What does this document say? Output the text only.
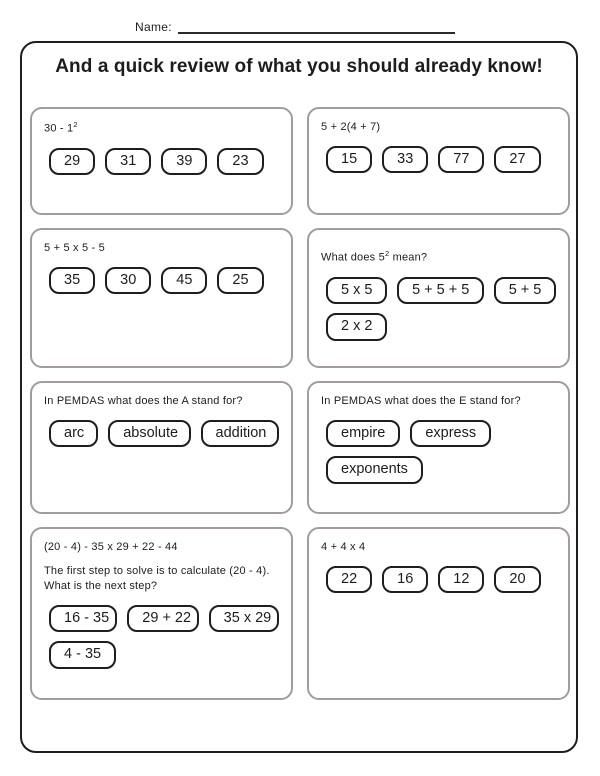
Name:
And a quick review of what you should already know!

$30 - 1^2$

29	31	39	23

5 + 2(4 + 7)

15	33	77	27

5 + 5 x 5 - 5

35	30	45	25

What does $5^2$ mean?

5 x 5	5 + 5 + 5	5 + 5
2 x 2

In PEMDAS what does the A stand for?

arc	absolute	addition

In PEMDAS what does the E stand for?

empire	express
exponents

(20 - 4) - 35 x 29 + 22 - 44

The first step to solve is to calculate (20 - 4). What is the next step?

16 - 35	29 + 22	35 x 29
4 - 35

4 + 4 x 4

22	16	12	20
